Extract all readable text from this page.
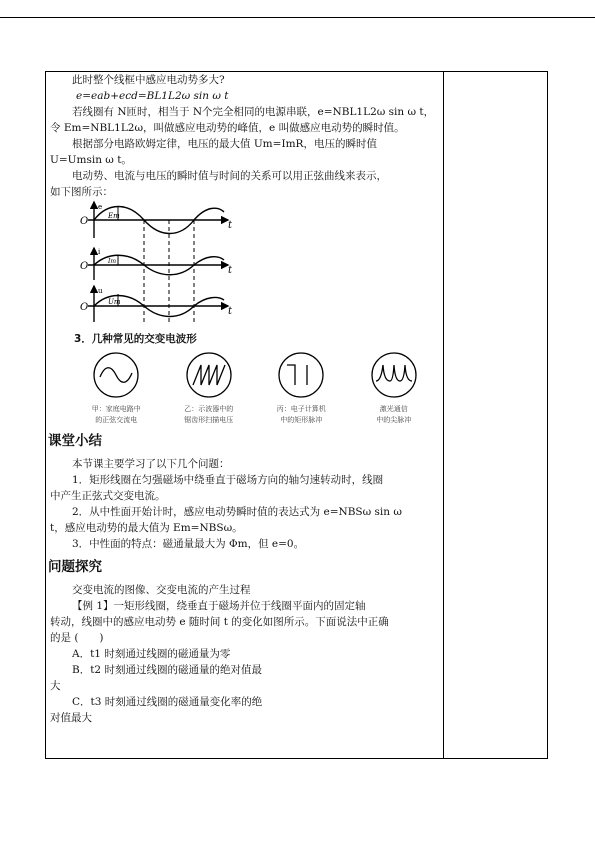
此时整个线框中感应电动势多大?

e=eab+ecd=BL1L2ω sin ω t

若线圈有 N匝时，相当于 N个完全相同的电源串联，e=NBL1L2ω sin ω t，

令 Em=NBL1L2ω，叫做感应电动势的峰值，e 叫做感应电动势的瞬时值。

根据部分电路欧姆定律，电压的最大值 Um=ImR，电压的瞬时值

U=Umsin ω t。

电动势、电流与电压的瞬时值与时间的关系可以用正弦曲线来表示，

如下图所示：

e
Em
O	t
i
Im
O	t
u
Um
O	t

3．几种常见的交变电波形

甲：家庭电路中
的正弦交流电
乙：示波器中的
锯齿形扫描电压
丙：电子计算机
中的矩形脉冲
激光通信
中的尖脉冲

课堂小结

本节课主要学习了以下几个问题：

1．矩形线圈在匀强磁场中绕垂直于磁场方向的轴匀速转动时，线圈

中产生正弦式交变电流。

2．从中性面开始计时，感应电动势瞬时值的表达式为 e=NBSω sin ω

t，感应电动势的最大值为 Em=NBSω。

3．中性面的特点：磁通量最大为 Φm，但 e=0。

问题探究

交变电流的图像、交变电流的产生过程

【例 1】一矩形线圈，绕垂直于磁场并位于线圈平面内的固定轴

转动，线圈中的感应电动势 e 随时间 t 的变化如图所示。下面说法中正确

的是 (　　)

A．t1 时刻通过线圈的磁通量为零

B．t2 时刻通过线圈的磁通量的绝对值最

大

C．t3 时刻通过线圈的磁通量变化率的绝

对值最大
